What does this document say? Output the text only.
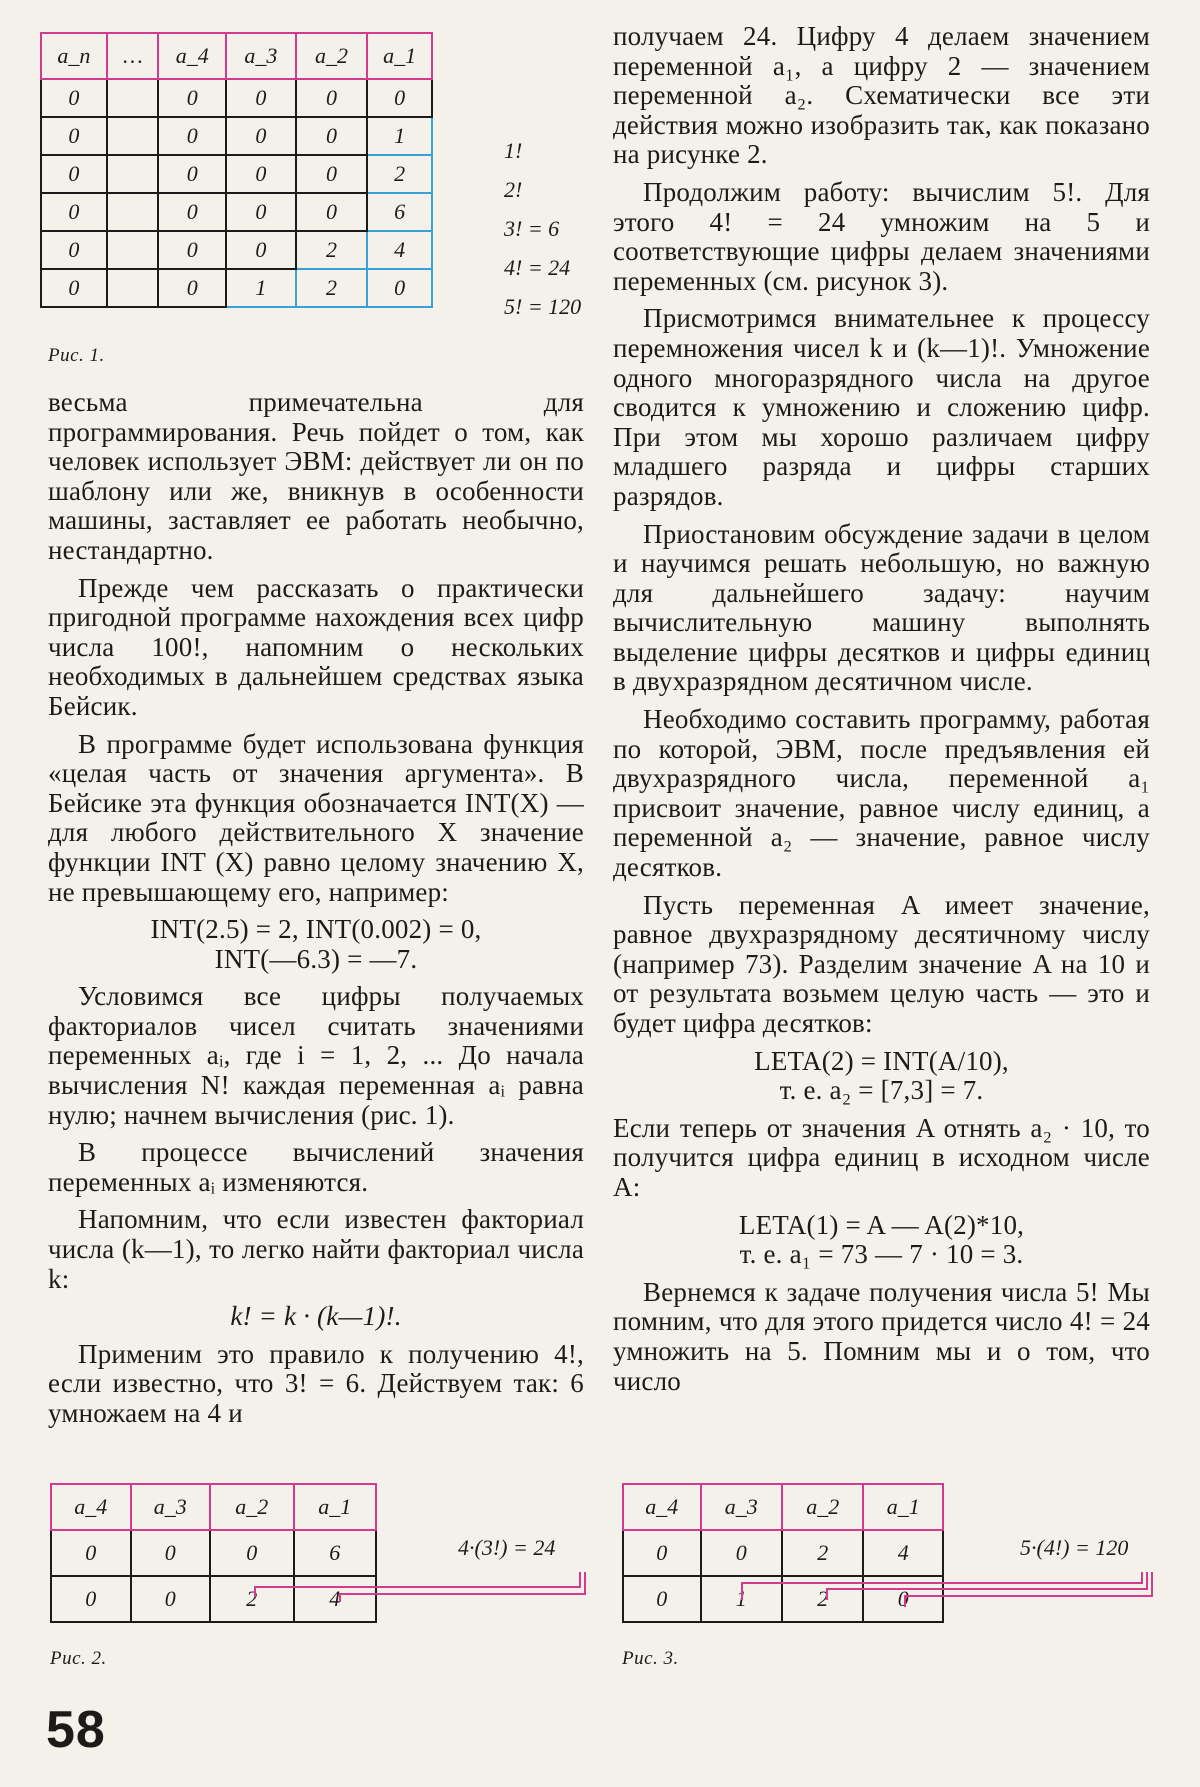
a_n	…	a_4	a_3	a_2	a_1
0		0	0	0	0
0		0	0	0	1
0		0	0	0	2
0		0	0	0	6
0		0	0	2	4
0		0	1	2	0
1!
2!
3! = 6
4! = 24
5! = 120
Рис. 1.

весьма примечательна для программирования. Речь пойдет о том, как человек использует ЭВМ: действует ли он по шаблону или же, вникнув в особенности машины, заставляет ее работать необычно, нестандартно.

Прежде чем рассказать о практически пригодной программе нахождения всех цифр числа 100!, напомним о нескольких необходимых в дальнейшем средствах языка Бейсик.

В программе будет использована функция «целая часть от значения аргумента». В Бейсике эта функция обозначается INT(X) — для любого действительного X значение функции INT (X) равно целому значению X, не превышающему его, например:

INT(2.5) = 2, INT(0.002) = 0,
INT(—6.3) = —7.

Условимся все цифры получаемых факториалов чисел считать значениями переменных aᵢ, где i = 1, 2, ... До начала вычисления N! каждая переменная aᵢ равна нулю; начнем вычисления (рис. 1).

В процессе вычислений значения переменных aᵢ изменяются.

Напомним, что если известен факториал числа (k—1), то легко найти факториал числа k:

k! = k · (k—1)!.

Применим это правило к получению 4!, если известно, что 3! = 6. Действуем так: 6 умножаем на 4 и

получаем 24. Цифру 4 делаем значением переменной a₁, а цифру 2 — значением переменной a₂. Схематически все эти действия можно изобразить так, как показано на рисунке 2.

Продолжим работу: вычислим 5!. Для этого 4! = 24 умножим на 5 и соответствующие цифры делаем значениями переменных (см. рисунок 3).

Присмотримся внимательнее к процессу перемножения чисел k и (k—1)!. Умножение одного многоразрядного числа на другое сводится к умножению и сложению цифр. При этом мы хорошо различаем цифру младшего разряда и цифры старших разрядов.

Приостановим обсуждение задачи в целом и научимся решать небольшую, но важную для дальнейшего задачу: научим вычислительную машину выполнять выделение цифры десятков и цифры единиц в двухразрядном десятичном числе.

Необходимо составить программу, работая по которой, ЭВМ, после предъявления ей двухразрядного числа, переменной a₁ присвоит значение, равное числу единиц, а переменной a₂ — значение, равное числу десятков.

Пусть переменная A имеет значение, равное двухразрядному десятичному числу (например 73). Разделим значение A на 10 и от результата возьмем целую часть — это и будет цифра десятков:

LETA(2) = INT(A/10),
т. е. a₂ = [7,3] = 7.

Если теперь от значения A отнять a₂ · 10, то получится цифра единиц в исходном числе A:

LETA(1) = A — A(2)*10,
т. е. a₁ = 73 — 7 · 10 = 3.

Вернемся к задаче получения числа 5! Мы помним, что для этого придется число 4! = 24 умножить на 5. Помним мы и о том, что число

a_4	a_3	a_2	a_1
0	0	0	6
0	0	2	4
4·(3!) = 24
Рис. 2.
a_4	a_3	a_2	a_1
0	0	2	4
0	1	2	0
5·(4!) = 120
Рис. 3.
58
